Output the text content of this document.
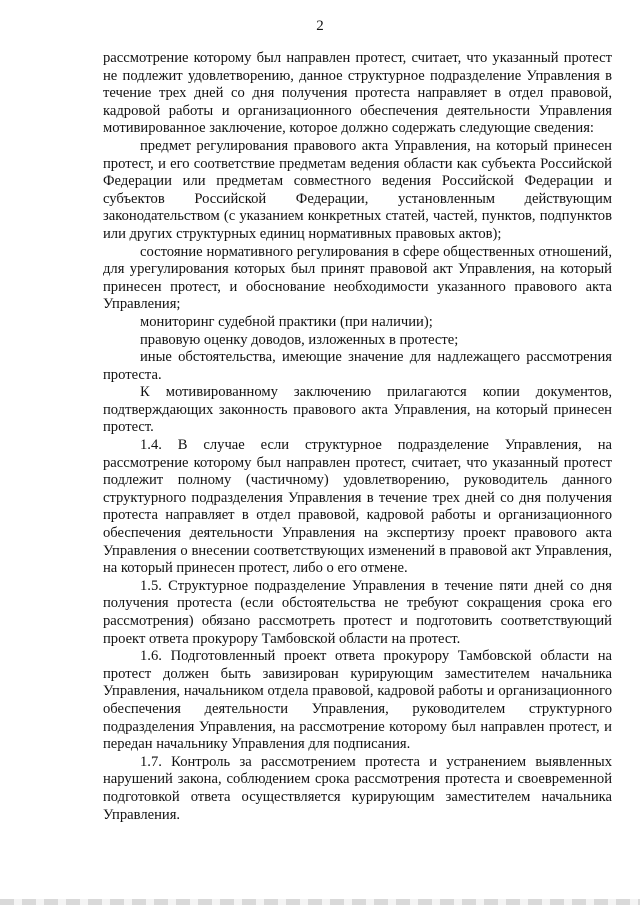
2

рассмотрение которому был направлен протест, считает, что указанный протест не подлежит удовлетворению, данное структурное подразделение Управления в течение трех дней со дня получения протеста направляет в отдел правовой, кадровой работы и организационного обеспечения деятельности Управления мотивированное заключение, которое должно содержать следующие сведения:

предмет регулирования правового акта Управления, на который принесен протест, и его соответствие предметам ведения области как субъекта Российской Федерации или предметам совместного ведения Российской Федерации и субъектов Российской Федерации, установленным действующим законодательством (с указанием конкретных статей, частей, пунктов, подпунктов или других структурных единиц нормативных правовых актов);

состояние нормативного регулирования в сфере общественных отношений, для урегулирования которых был принят правовой акт Управления, на который принесен протест, и обоснование необходимости указанного правового акта Управления;

мониторинг судебной практики (при наличии);

правовую оценку доводов, изложенных в протесте;

иные обстоятельства, имеющие значение для надлежащего рассмотрения протеста.

К мотивированному заключению прилагаются копии документов, подтверждающих законность правового акта Управления, на который принесен протест.

1.4. В случае если структурное подразделение Управления, на рассмотрение которому был направлен протест, считает, что указанный протест подлежит полному (частичному) удовлетворению, руководитель данного структурного подразделения Управления в течение трех дней со дня получения протеста направляет в отдел правовой, кадровой работы и организационного обеспечения деятельности Управления на экспертизу проект правового акта Управления о внесении соответствующих изменений в правовой акт Управления, на который принесен протест, либо о его отмене.

1.5. Структурное подразделение Управления в течение пяти дней со дня получения протеста (если обстоятельства не требуют сокращения срока его рассмотрения) обязано рассмотреть протест и подготовить соответствующий проект ответа прокурору Тамбовской области на протест.

1.6. Подготовленный проект ответа прокурору Тамбовской области на протест должен быть завизирован курирующим заместителем начальника Управления, начальником отдела правовой, кадровой работы и организационного обеспечения деятельности Управления, руководителем структурного подразделения Управления, на рассмотрение которому был направлен протест, и передан начальнику Управления для подписания.

1.7. Контроль за рассмотрением протеста и устранением выявленных нарушений закона, соблюдением срока рассмотрения протеста и своевременной подготовкой ответа осуществляется курирующим заместителем начальника Управления.
